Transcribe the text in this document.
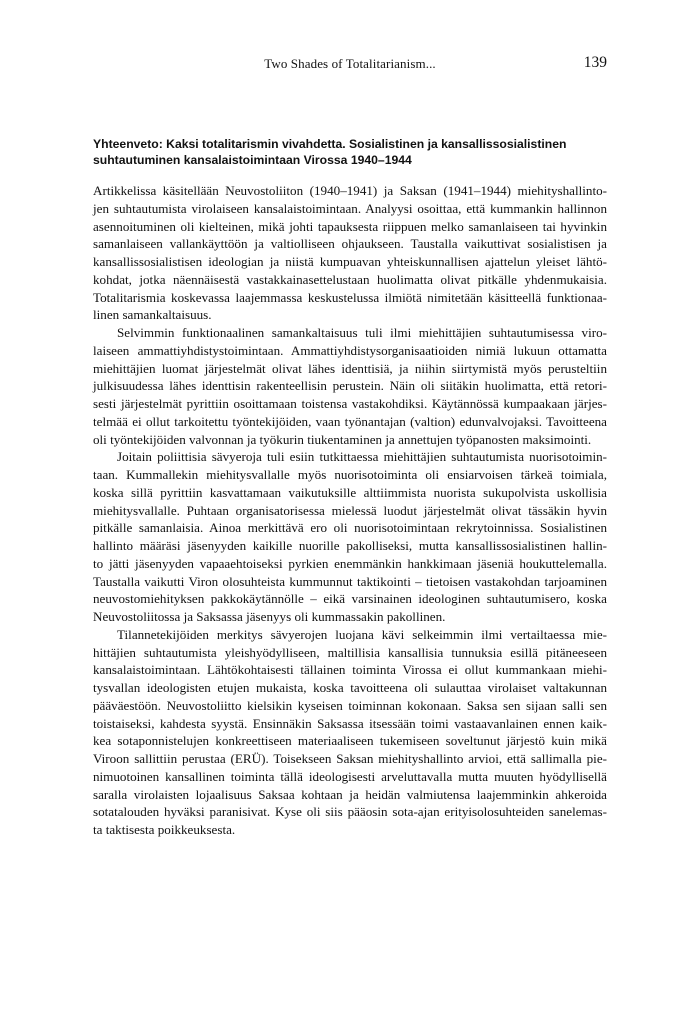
Two Shades of Totalitarianism...	139
Yhteenveto: Kaksi totalitarismin vivahdetta. Sosialistinen ja kansallissosialistinen
suhtautuminen kansalaistoimintaan Virossa 1940–1944

Artikkelissa käsitellään Neuvostoliiton (1940–1941) ja Saksan (1941–1944) miehityshallinto-
jen suhtautumista virolaiseen kansalaistoimintaan. Analyysi osoittaa, että kummankin hallinnon
asennoituminen oli kielteinen, mikä johti tapauksesta riippuen melko samanlaiseen tai hyvinkin
samanlaiseen vallankäyttöön ja valtiolliseen ohjaukseen. Taustalla vaikuttivat sosialistisen ja
kansallissosialistisen ideologian ja niistä kumpuavan yhteiskunnallisen ajattelun yleiset lähtö-
kohdat, jotka näennäisestä vastakkainasettelustaan huolimatta olivat pitkälle yhdenmukaisia.
Totalitarismia koskevassa laajemmassa keskustelussa ilmiötä nimitetään käsitteellä funktionaa-
linen samankaltaisuus.

Selvimmin funktionaalinen samankaltaisuus tuli ilmi miehittäjien suhtautumisessa viro-
laiseen ammattiyhdistystoimintaan. Ammattiyhdistysorganisaatioiden nimiä lukuun ottamatta
miehittäjien luomat järjestelmät olivat lähes identtisiä, ja niihin siirtymistä myös perusteltiin
julkisuudessa lähes identtisin rakenteellisin perustein. Näin oli siitäkin huolimatta, että retori-
sesti järjestelmät pyrittiin osoittamaan toistensa vastakohdiksi. Käytännössä kumpaakaan järjes-
telmää ei ollut tarkoitettu työntekijöiden, vaan työnantajan (valtion) edunvalvojaksi. Tavoitteena
oli työntekijöiden valvonnan ja työkurin tiukentaminen ja annettujen työpanosten maksimointi.

Joitain poliittisia sävyeroja tuli esiin tutkittaessa miehittäjien suhtautumista nuorisotoimin-
taan. Kummallekin miehitysvallalle myös nuorisotoiminta oli ensiarvoisen tärkeä toimiala,
koska sillä pyrittiin kasvattamaan vaikutuksille alttiimmista nuorista sukupolvista uskollisia
miehitysvallalle. Puhtaan organisatorisessa mielessä luodut järjestelmät olivat tässäkin hyvin
pitkälle samanlaisia. Ainoa merkittävä ero oli nuorisotoimintaan rekrytoinnissa. Sosialistinen
hallinto määräsi jäsenyyden kaikille nuorille pakolliseksi, mutta kansallissosialistinen hallin-
to jätti jäsenyyden vapaaehtoiseksi pyrkien enemmänkin hankkimaan jäseniä houkuttelemalla.
Taustalla vaikutti Viron olosuhteista kummunnut taktikointi – tietoisen vastakohdan tarjoaminen
neuvostomiehityksen pakkokäytännölle – eikä varsinainen ideologinen suhtautumisero, koska
Neuvostoliitossa ja Saksassa jäsenyys oli kummassakin pakollinen.

Tilannetekijöiden merkitys sävyerojen luojana kävi selkeimmin ilmi vertailtaessa mie-
hittäjien suhtautumista yleishyödylliseen, maltillisia kansallisia tunnuksia esillä pitäneeseen
kansalaistoimintaan. Lähtökohtaisesti tällainen toiminta Virossa ei ollut kummankaan miehi-
tysvallan ideologisten etujen mukaista, koska tavoitteena oli sulauttaa virolaiset valtakunnan
pääväestöön. Neuvostoliitto kielsikin kyseisen toiminnan kokonaan. Saksa sen sijaan salli sen
toistaiseksi, kahdesta syystä. Ensinnäkin Saksassa itsessään toimi vastaavanlainen ennen kaik-
kea sotaponnistelujen konkreettiseen materiaaliseen tukemiseen soveltunut järjestö kuin mikä
Viroon sallittiin perustaa (ERÜ). Toisekseen Saksan miehityshallinto arvioi, että sallimalla pie-
nimuotoinen kansallinen toiminta tällä ideologisesti arveluttavalla mutta muuten hyödyllisellä
saralla virolaisten lojaalisuus Saksaa kohtaan ja heidän valmiutensa laajemminkin ahkeroida
sotatalouden hyväksi paranisivat. Kyse oli siis pääosin sota-ajan erityisolosuhteiden sanelemas-
ta taktisesta poikkeuksesta.
